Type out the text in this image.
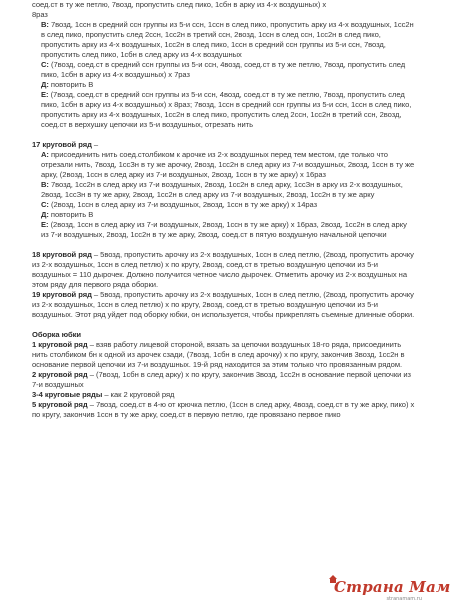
соед.ст в ту же петлю, 7возд, пропустить след пико, 1сбн в арку из 4-х воздушных) х

8раз

В: 7возд, 1ссн в средний ссн группы из 5-и ссн, 1ссн в след пико, пропустить арку из 4-х воздушных, 1сс2н в след пико, пропустить след 2ссн, 1сс2н в третий ссн, 2возд, 1ссн в след ссн, 1сс2н в след пико, пропустить арку из 4-х воздушных, 1сс2н в след пико, 1ссн в средний ссн группы из 5-и ссн, 7возд, пропустить след пико, 1сбн в след арку из 4-х воздушных

С: (7возд, соед.ст в средний ссн группы из 5-и ссн, 4возд, соед.ст в ту же петлю, 7возд, пропустить след пико, 1сбн в арку из 4-х воздушных) х 7раз

Д: повторить В

Е: (7возд, соед.ст в средний ссн группы из 5-и ссн, 4возд, соед.ст в ту же петлю, 7возд, пропустить след пико, 1сбн в арку из 4-х воздушных) х 8раз; 7возд, 1ссн в средний ссн группы из 5-и ссн, 1ссн в след пико, пропустить арку из 4-х воздушных, 1сс2н в след пико, пропустить след 2ссн, 1сс2н в третий ссн, 2возд, соед.ст в верхушку цепочки из 5-и воздушных, отрезать нить

17 круговой ряд –

А: присоединить нить соед.столбиком к арочке из 2-х воздушных перед тем местом, где только что отрезали нить, 7возд, 1ссЗн в ту же арочку, 2возд, 1сс2н в след арку из 7-и воздушных, 2возд, 1ссн в ту же арку, (2возд, 1ссн в след арку из 7-и воздушных, 2возд, 1ссн в ту же арку) х 16раз

В: 7возд, 1сс2н в след арку из 7-и воздушных, 2возд, 1сс2н в след арку, 1ссЗн в арку из 2-х воздушных, 2возд, 1ссЗн в ту же арку, 2возд, 1сс2н в след арку из 7-и воздушных, 2возд, 1сс2н в ту же арку

С: (2возд, 1ссн в след арку из 7-и воздушных, 2возд, 1ссн в ту же арку) х 14раз

Д: повторить В

Е: (2возд, 1ссн в след арку из 7-и воздушных, 2возд, 1ссн в ту же арку) х 16раз, 2возд, 1сс2н в след арку из 7-и воздушных, 2возд, 1сс2н в ту же арку, 2возд, соед.ст в пятую воздушную начальной цепочки

18 круговой ряд – 5возд, пропустить арочку из 2-х воздушных, 1ссн в след петлю, (2возд, пропустить арочку из 2-х воздушных, 1ссн в след петлю) х по кругу, 2возд, соед.ст в третью воздушную цепочки из 5-и воздушных = 110 дырочек. Должно получится четное число дырочек. Отметить арочку из 2-х воздушных на этом ряду для первого ряда оборки.

19 круговой ряд – 5возд, пропустить арочку из 2-х воздушных, 1ссн в след петлю, (2возд, пропустить арочку из 2-х воздушных, 1ссн в след петлю) х по кругу, 2возд, соед.ст в третью воздушную цепочки из 5-и воздушных. Этот ряд уйдет под оборку юбки, он используется, чтобы прикреплять съемные длинные оборки.

Оборка юбки

1 круговой ряд – взяв работу лицевой стороной, вязать за цепочки воздушных 18-го ряда, присоединить нить столбиком бн к одной из арочек сзади, (7возд, 1сбн в след арочку) х по кругу, закончив 3возд, 1сс2н в основание первой цепочки из 7-и воздушных. 19-й ряд находится за этим только что провязанным рядом.

2 круговой ряд – (7возд, 1сбн в след арку) х по кругу, закончив 3возд, 1сс2н в основание первой цепочки из 7-и воздушных

3-4 круговые ряды – как 2 круговой ряд

5 круговой ряд – 7возд, соед.ст в 4-ю от крючка петлю, (1ссн в след арку, 4возд, соед.ст в ту же арку, пико) х по кругу, закончив 1ссн в ту же арку, соед.ст в первую петлю, где провязано первое пико

Страна Мам
stranamam.ru
